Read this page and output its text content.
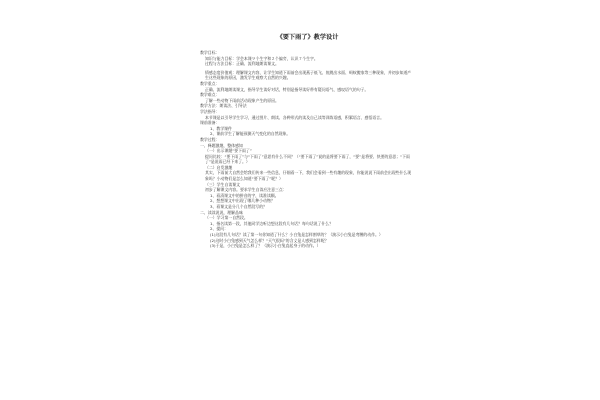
《要下雨了》教学设计
教学目标：
知识与能力目标：学会本课９个生字和２个偏旁，认识７个生字。
过程与方法目标：正确、流利地朗读课文。
情感态度价值观：理解课文内容，让学生知道下雨前会出现燕子低飞、鱼跳出水面、蚂蚁搬家等三种现象，并初步知道产生这些现象的原因，激发学生观察大自然的兴趣。
教学重点：
正确、流利地朗读课文，指导学生读好对话，特别是指导读好带有疑问语气、感叹语气的句子。
教学难点：
了解一些动物下雨前活动现象产生的原因。
教学方法：朗读法、引导法
学法指导：
本节课是以引导学生学习，通过图片、朗读、各种形式的读及自己读等训练语感，积累语言、感悟语言。
课前准备：
1、教学课件
2、课前学生了解能预测天气变化的自然现象。
教学过程：
一、释题激趣，整体感知
（一）出示课题“要下雨了”
提问比较：“要下雨了”与“下雨了”意思有什么不同？（“要下雨了”说的是将要下雨了，“要”是将要、快要的意思；“下雨了”是说雨已经下来了。）
（二）启发激趣
其实，下雨前大自然会给我们传来一些信息，仔细看一下，我们会看到一些有趣的现象，你能说说下雨前会出现些什么现象吗？小动物们是怎么知道“要下雨了”呢？）
（三）学生自读课文
初步了解课文内容。要求学生自读应注意三点：
1、看清课文中的拼音的字，读准读顺。
2、想想课文中出现了哪几种小动物？
3、看课文是分几个自然段写的？
二、读读说说，理解品味
（一）学习第一自然段。
1、指名读第一段，其他同学边听边想这段有几句话？每句话说了什么？
2、提问：
(1)这段有几句话？读了第一句你知道了什么？小白兔是怎样割草的？（演示小白兔是弯腰的动作。）
(2)这时小白兔感到天气怎么样？“天气很闷”的含义是人感到怎样呢？
(3)于是，小白兔是怎么样了？（演示小白兔直起身子的动作。）
